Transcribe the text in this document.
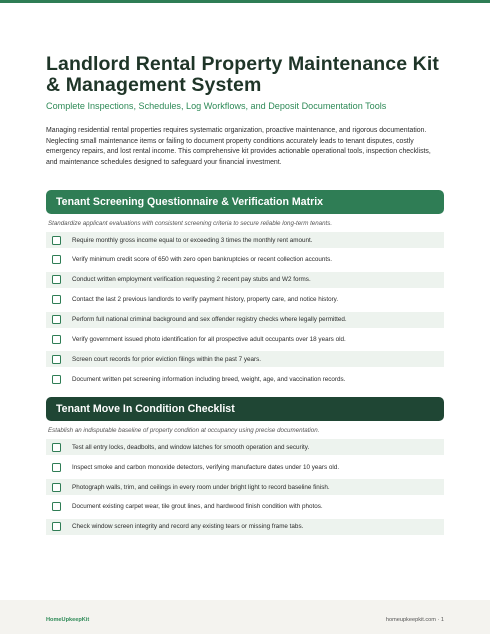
Landlord Rental Property Maintenance Kit & Management System

Complete Inspections, Schedules, Log Workflows, and Deposit Documentation Tools

Managing residential rental properties requires systematic organization, proactive maintenance, and rigorous documentation. Neglecting small maintenance items or failing to document property conditions accurately leads to tenant disputes, costly emergency repairs, and lost rental income. This comprehensive kit provides actionable operational tools, inspection checklists, and maintenance schedules designed to safeguard your financial investment.

Tenant Screening Questionnaire & Verification Matrix
Standardize applicant evaluations with consistent screening criteria to secure reliable long-term tenants.
Require monthly gross income equal to or exceeding 3 times the monthly rent amount.
Verify minimum credit score of 650 with zero open bankruptcies or recent collection accounts.
Conduct written employment verification requesting 2 recent pay stubs and W2 forms.
Contact the last 2 previous landlords to verify payment history, property care, and notice history.
Perform full national criminal background and sex offender registry checks where legally permitted.
Verify government issued photo identification for all prospective adult occupants over 18 years old.
Screen court records for prior eviction filings within the past 7 years.
Document written pet screening information including breed, weight, age, and vaccination records.
Tenant Move In Condition Checklist
Establish an indisputable baseline of property condition at occupancy using precise documentation.
Test all entry locks, deadbolts, and window latches for smooth operation and security.
Inspect smoke and carbon monoxide detectors, verifying manufacture dates under 10 years old.
Photograph walls, trim, and ceilings in every room under bright light to record baseline finish.
Document existing carpet wear, tile grout lines, and hardwood finish condition with photos.
Check window screen integrity and record any existing tears or missing frame tabs.
HomeUpkeepKit	homeupkeepkit.com · 1
